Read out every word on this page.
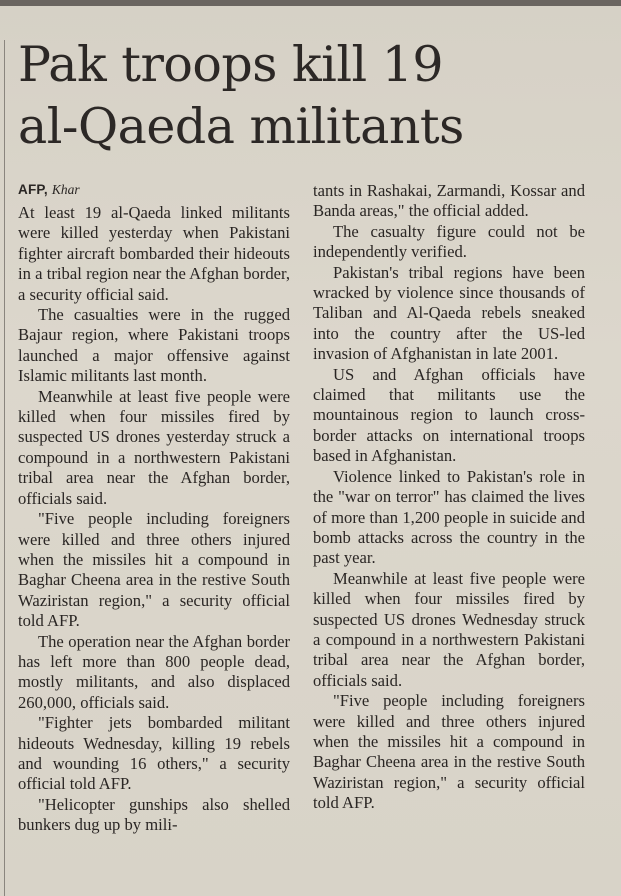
Pak troops kill 19
al-Qaeda militants

AFP, Khar

At least 19 al-Qaeda linked militants were killed yesterday when Pakistani fighter aircraft bombarded their hideouts in a tribal region near the Afghan border, a security official said.

The casualties were in the rugged Bajaur region, where Pakistani troops launched a major offensive against Islamic militants last month.

Meanwhile at least five people were killed when four missiles fired by suspected US drones yesterday struck a compound in a northwestern Pakistani tribal area near the Afghan border, officials said.

"Five people including foreigners were killed and three others injured when the missiles hit a compound in Baghar Cheena area in the restive South Waziristan region," a security official told AFP.

The operation near the Afghan border has left more than 800 people dead, mostly militants, and also displaced 260,000, officials said.

"Fighter jets bombarded militant hideouts Wednesday, killing 19 rebels and wounding 16 others," a security official told AFP.

"Helicopter gunships also shelled bunkers dug up by mili-

tants in Rashakai, Zarmandi, Kossar and Banda areas," the official added.

The casualty figure could not be independently verified.

Pakistan's tribal regions have been wracked by violence since thousands of Taliban and Al-Qaeda rebels sneaked into the country after the US-led invasion of Afghanistan in late 2001.

US and Afghan officials have claimed that militants use the mountainous region to launch cross-border attacks on international troops based in Afghanistan.

Violence linked to Pakistan's role in the "war on terror" has claimed the lives of more than 1,200 people in suicide and bomb attacks across the country in the past year.

Meanwhile at least five people were killed when four missiles fired by suspected US drones Wednesday struck a compound in a northwestern Pakistani tribal area near the Afghan border, officials said.

"Five people including foreigners were killed and three others injured when the missiles hit a compound in Baghar Cheena area in the restive South Waziristan region," a security official told AFP.
